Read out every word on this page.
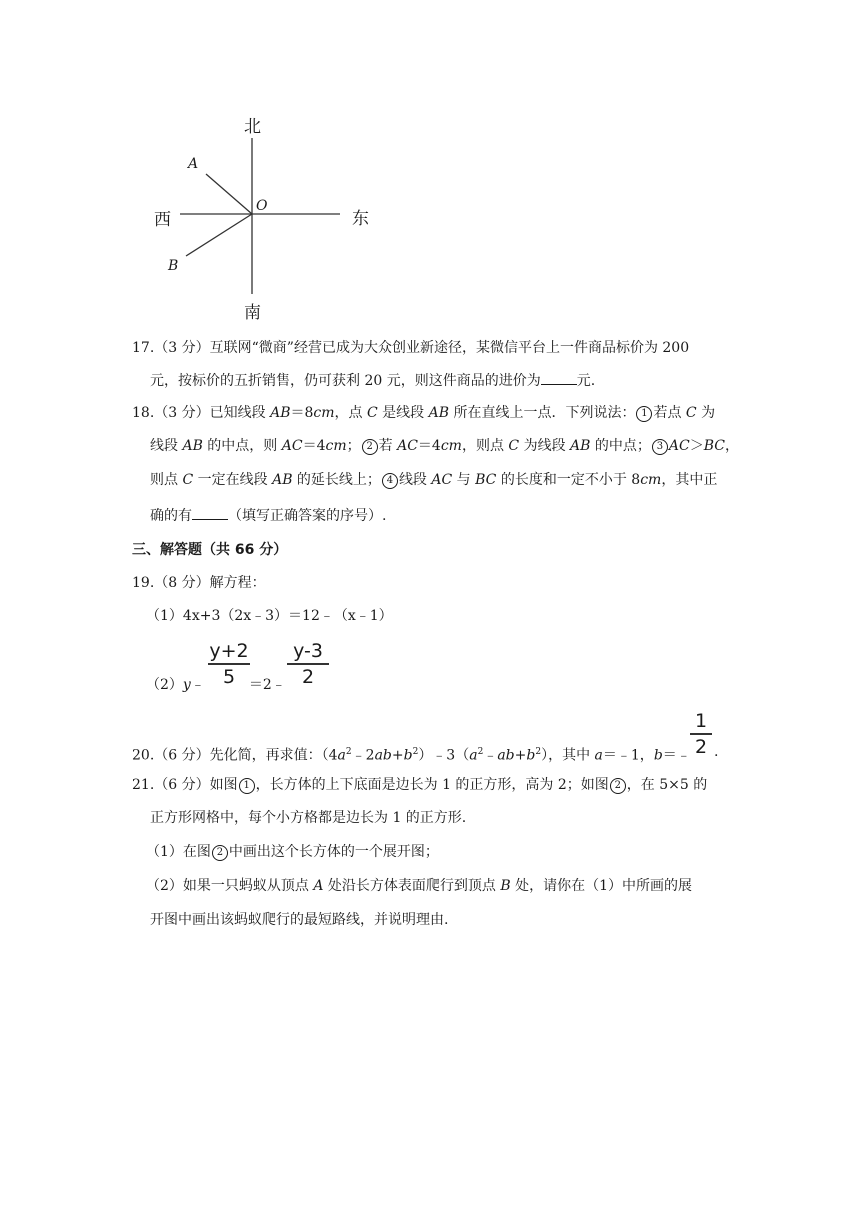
北
南
东
西
A
B
O
17.（3 分）互联网“微商”经营已成为大众创业新途径，某微信平台上一件商品标价为 200
元，按标价的五折销售，仍可获利 20 元，则这件商品的进价为	元.
18.（3 分）已知线段 AB＝8cm，点 C 是线段 AB 所在直线上一点．下列说法： 1 若点 C 为
线段 AB 的中点，则 AC＝4cm； 2 若 AC＝4cm，则点 C 为线段 AB 的中点； 3 AC＞BC，
则点 C 一定在线段 AB 的延长线上； 4 线段 AC 与 BC 的长度和一定不小于 8cm，其中正
确的有	（填写正确答案的序号）.
三、解答题（共 66 分）
19.（8 分）解方程：
（1）4x+3（2x﹣3）＝12﹣（x﹣1）
（2）y﹣	＝2﹣
y+2
5
y-3
2
20.（6 分）先化简，再求值：$(4a^2﹣2ab+b^2)﹣3(a^2﹣ab+b^2)$，其中 a＝﹣1，b＝﹣
1
2 .
21.（6 分）如图 1 ，长方体的上下底面是边长为 1 的正方形，高为 2；如图 2 ，在 5×5 的
正方形网格中，每个小方格都是边长为 1 的正方形.
（1）在图 2 中画出这个长方体的一个展开图；
（2）如果一只蚂蚁从顶点 A 处沿长方体表面爬行到顶点 B 处，请你在（1）中所画的展
开图中画出该蚂蚁爬行的最短路线，并说明理由.
